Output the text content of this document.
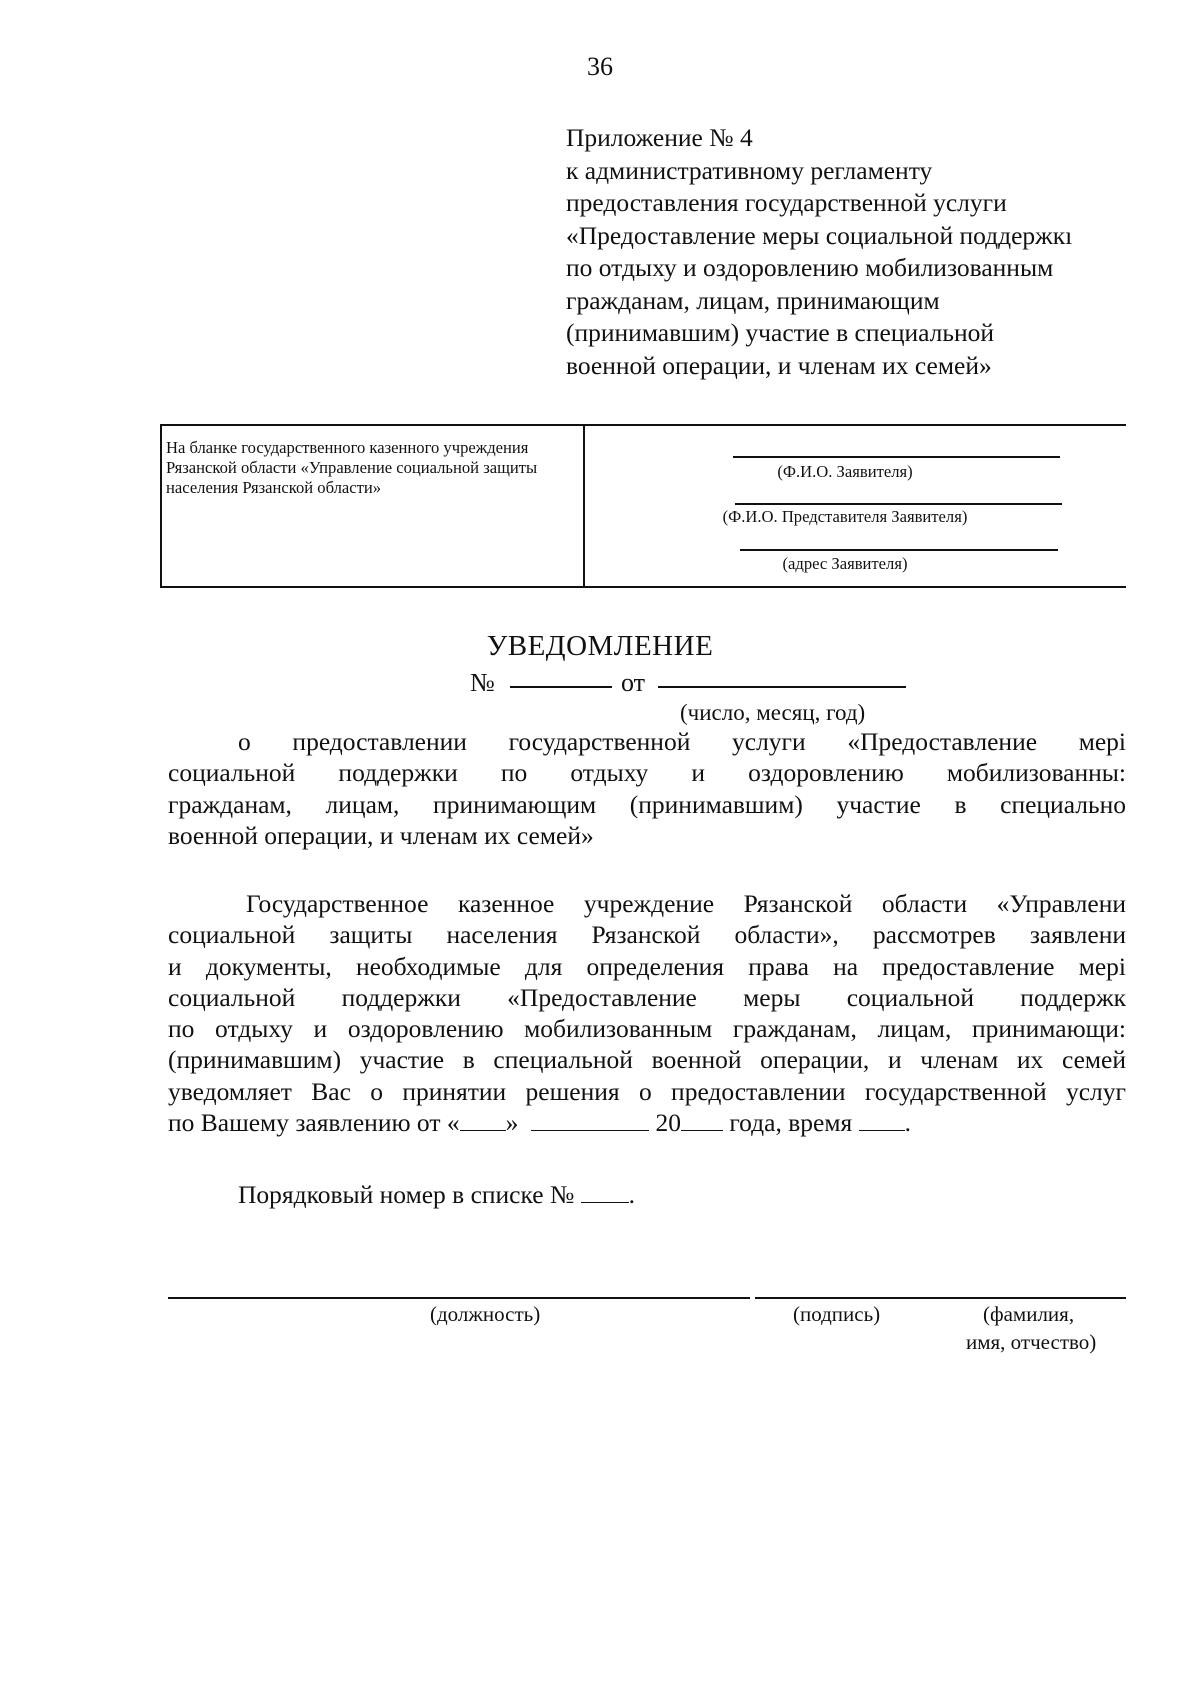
36
Приложение № 4
к административному регламенту
предоставления государственной услуги
«Предоставление меры социальной поддержкı
по отдыху и оздоровлению мобилизованным
гражданам, лицам, принимающим
(принимавшим) участие в специальной
военной операции, и членам их семей»
На бланке государственного казенного учреждения Рязанской области «Управление социальной защиты населения Рязанской области»
(Ф.И.О. Заявителя)
(Ф.И.О. Представителя Заявителя)
(адрес Заявителя)
УВЕДОМЛЕНИЕ
№	от
(число, месяц, год)
о предоставлении государственной услуги «Предоставление мері
социальной поддержки по отдыху и оздоровлению мобилизованны:
гражданам, лицам, принимающим (принимавшим) участие в специально
военной операции, и членам их семей»
Государственное казенное учреждение Рязанской области «Управлени
социальной защиты населения Рязанской области», рассмотрев заявлени
и документы, необходимые для определения права на предоставление мері
социальной поддержки «Предоставление меры социальной поддержк
по отдыху и оздоровлению мобилизованным гражданам, лицам, принимающи:
(принимавшим) участие в специальной военной операции, и членам их семей
уведомляет Вас о принятии решения о предоставлении государственной услуг
по Вашему заявлению от « »	20 года, время .
Порядковый номер в списке № .
(должность)	(подпись)	(фамилия,
имя, отчество)
